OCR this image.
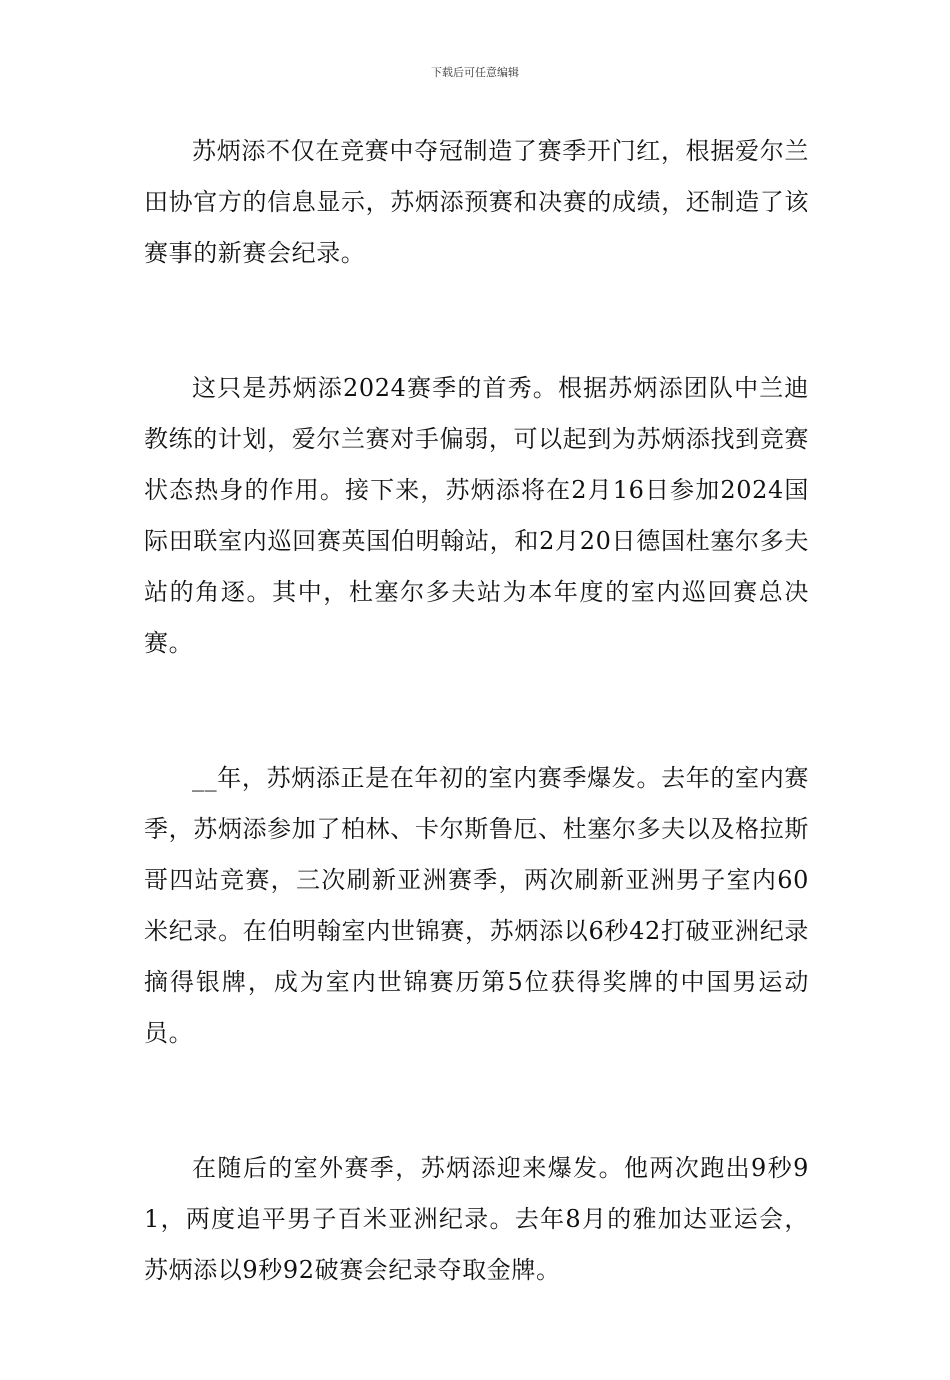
下载后可任意编辑

苏炳添不仅在竞赛中夺冠制造了赛季开门红，根据爱尔兰田协官方的信息显示，苏炳添预赛和决赛的成绩，还制造了该赛事的新赛会纪录。

这只是苏炳添2024赛季的首秀。根据苏炳添团队中兰迪教练的计划，爱尔兰赛对手偏弱，可以起到为苏炳添找到竞赛状态热身的作用。接下来，苏炳添将在2月16日参加2024国际田联室内巡回赛英国伯明翰站，和2月20日德国杜塞尔多夫站的角逐。其中，杜塞尔多夫站为本年度的室内巡回赛总决赛。

__年，苏炳添正是在年初的室内赛季爆发。去年的室内赛季，苏炳添参加了柏林、卡尔斯鲁厄、杜塞尔多夫以及格拉斯哥四站竞赛，三次刷新亚洲赛季，两次刷新亚洲男子室内60米纪录。在伯明翰室内世锦赛，苏炳添以6秒42打破亚洲纪录摘得银牌，成为室内世锦赛历第5位获得奖牌的中国男运动员。

在随后的室外赛季，苏炳添迎来爆发。他两次跑出9秒91，两度追平男子百米亚洲纪录。去年8月的雅加达亚运会，苏炳添以9秒92破赛会纪录夺取金牌。
